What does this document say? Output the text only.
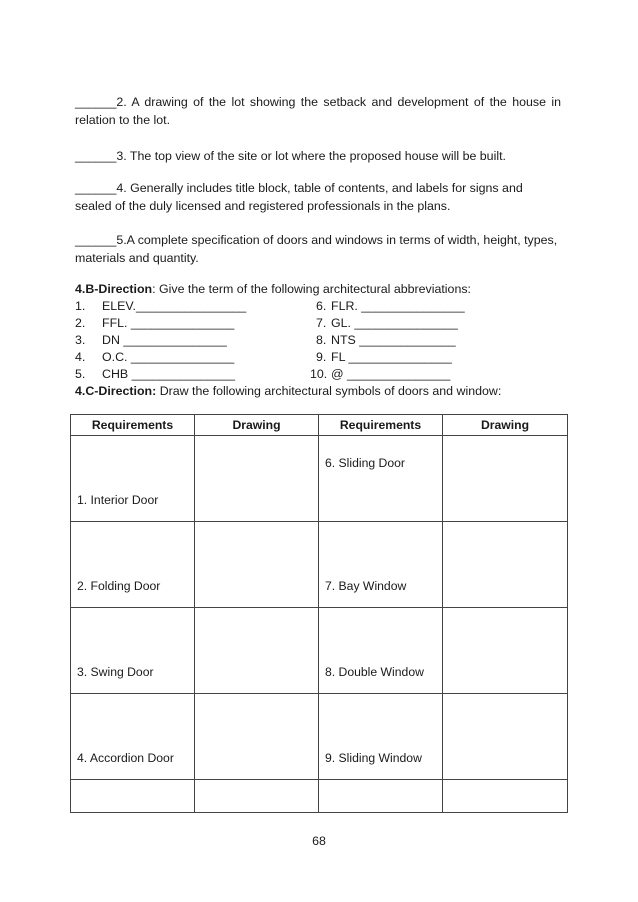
______2. A drawing of the lot showing the setback and development of the house in relation to the lot.

______3. The top view of the site or lot where the proposed house will be built.

______4. Generally includes title block, table of contents, and labels for signs and sealed of the duly licensed and registered professionals in the plans.

______5.A complete specification of doors and windows in terms of width, height, types, materials and quantity.

4.B-Direction: Give the term of the following architectural abbreviations:

1. ELEV.________________
2. FFL. _______________
3. DN _______________
4. O.C. _______________
5. CHB _______________
6. FLR. _______________
7. GL. _______________
8. NTS ______________
9. FL _______________
10. @ _______________

4.C-Direction: Draw the following architectural symbols of doors and window:

Requirements	Drawing	Requirements	Drawing
1. Interior Door		6. Sliding Door	
2. Folding Door		7. Bay Window	
3. Swing Door		8. Double Window	
4. Accordion Door		9. Sliding Window	

68
